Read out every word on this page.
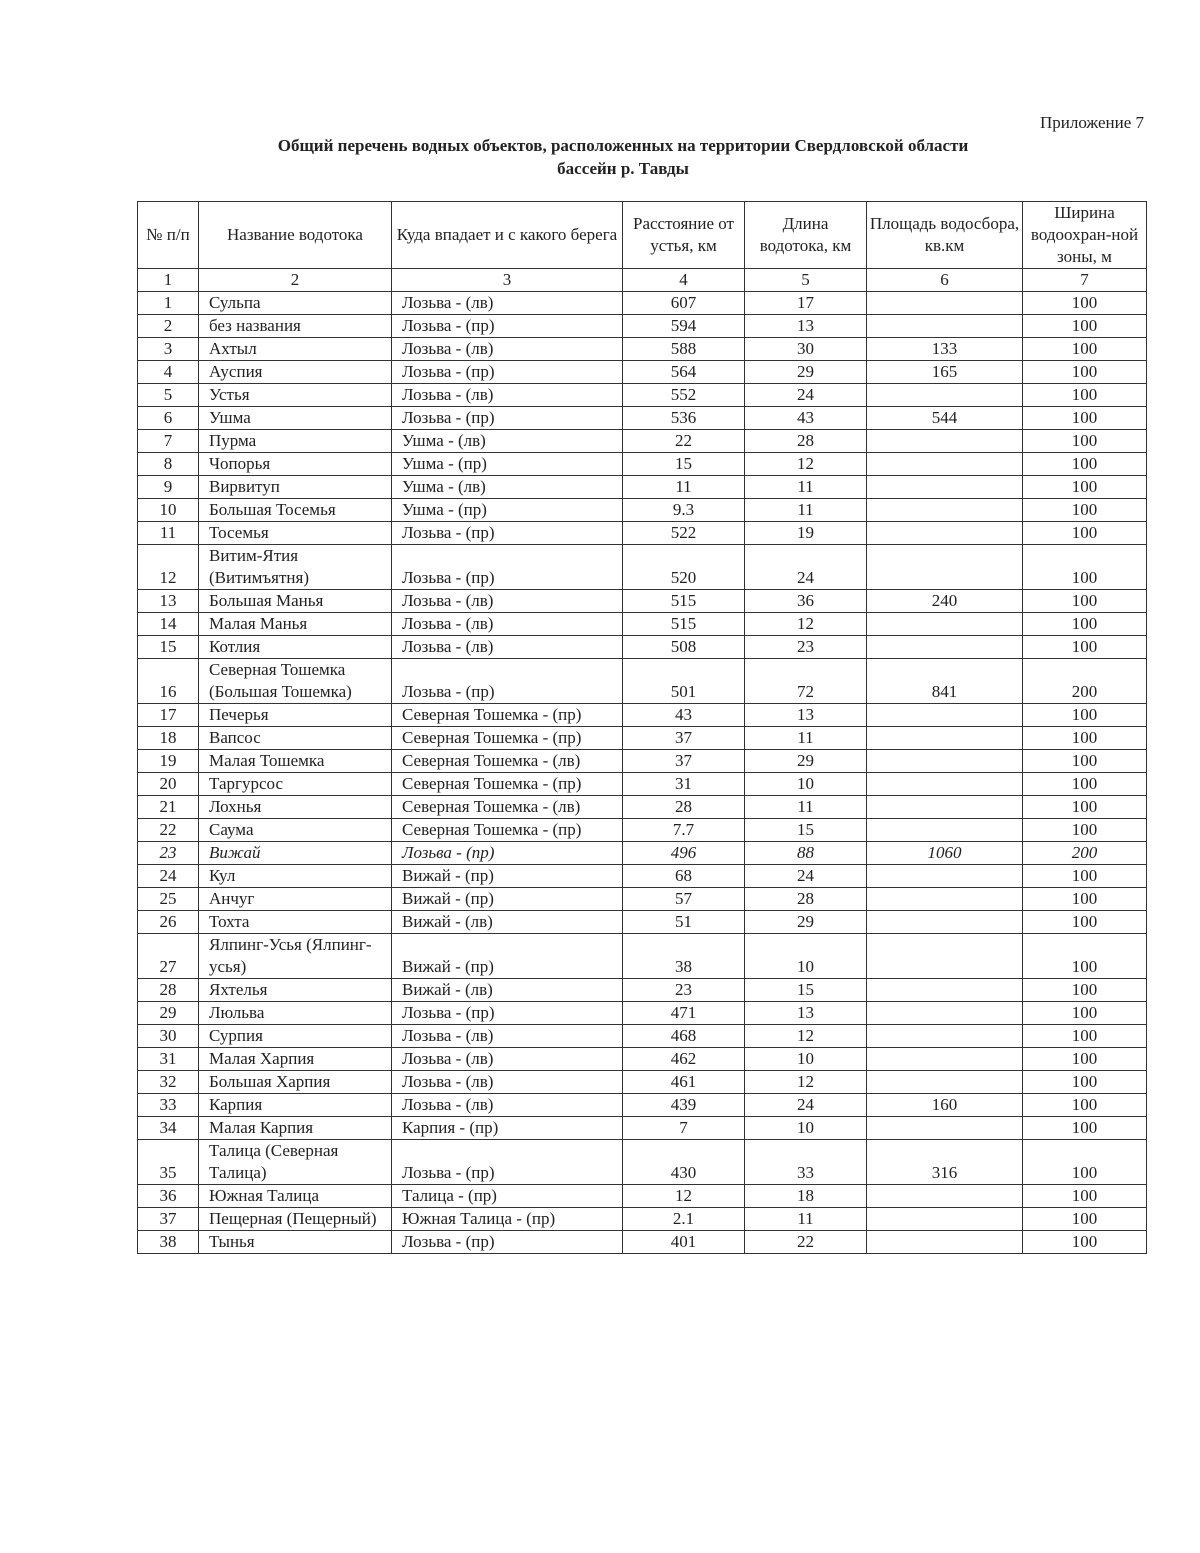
Приложение 7
Общий перечень водных объектов, расположенных на территории Свердловской области
бассейн р. Тавды
№ п/п	Название водотока	Куда впадает и с какого берега	Расстояние от устья, км	Длина водотока, км	Площадь водосбора, кв.км	Ширина водоохран-ной зоны, м
1	2	3	4	5	6	7
1	Сульпа	Лозьва - (лв)	607	17		100
2	без названия	Лозьва - (пр)	594	13		100
3	Ахтыл	Лозьва - (лв)	588	30	133	100
4	Ауспия	Лозьва - (пр)	564	29	165	100
5	Устья	Лозьва - (лв)	552	24		100
6	Ушма	Лозьва - (пр)	536	43	544	100
7	Пурма	Ушма - (лв)	22	28		100
8	Чопорья	Ушма - (пр)	15	12		100
9	Вирвитуп	Ушма - (лв)	11	11		100
10	Большая Тосемья	Ушма - (пр)	9.3	11		100
11	Тосемья	Лозьва - (пр)	522	19		100
12	Витим-Ятия (Витимъятня)	Лозьва - (пр)	520	24		100
13	Большая Манья	Лозьва - (лв)	515	36	240	100
14	Малая Манья	Лозьва - (лв)	515	12		100
15	Котлия	Лозьва - (лв)	508	23		100
16	Северная Тошемка (Большая Тошемка)	Лозьва - (пр)	501	72	841	200
17	Печерья	Северная Тошемка - (пр)	43	13		100
18	Вапсос	Северная Тошемка - (пр)	37	11		100
19	Малая Тошемка	Северная Тошемка - (лв)	37	29		100
20	Таргурсос	Северная Тошемка - (пр)	31	10		100
21	Лохнья	Северная Тошемка - (лв)	28	11		100
22	Саума	Северная Тошемка - (пр)	7.7	15		100
23	Вижай	Лозьва - (пр)	496	88	1060	200
24	Кул	Вижай - (пр)	68	24		100
25	Анчуг	Вижай - (пр)	57	28		100
26	Тохта	Вижай - (лв)	51	29		100
27	Ялпинг-Усья (Ялпинг-усья)	Вижай - (пр)	38	10		100
28	Яхтелья	Вижай - (лв)	23	15		100
29	Люльва	Лозьва - (пр)	471	13		100
30	Сурпия	Лозьва - (лв)	468	12		100
31	Малая Харпия	Лозьва - (лв)	462	10		100
32	Большая Харпия	Лозьва - (лв)	461	12		100
33	Карпия	Лозьва - (лв)	439	24	160	100
34	Малая Карпия	Карпия - (пр)	7	10		100
35	Талица (Северная Талица)	Лозьва - (пр)	430	33	316	100
36	Южная Талица	Талица - (пр)	12	18		100
37	Пещерная (Пещерный)	Южная Талица - (пр)	2.1	11		100
38	Тынья	Лозьва - (пр)	401	22		100
